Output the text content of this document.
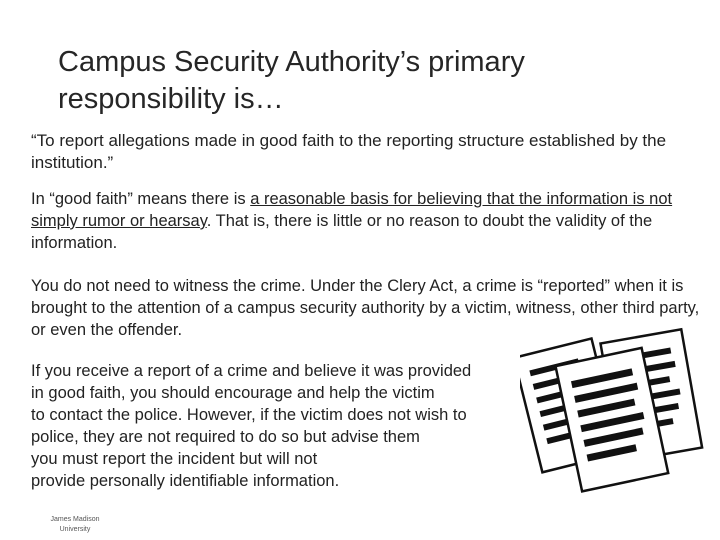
Campus Security Authority’s primary responsibility is…

“To report allegations made in good faith to the reporting structure established by the institution.”

In “good faith” means there is a reasonable basis for believing that the information is not simply rumor or hearsay. That is, there is little or no reason to doubt the validity of the information.

You do not need to witness the crime. Under the Clery Act, a crime is “reported” when it is brought to the attention of a campus security authority by a victim, witness, other third party, or even the offender.

If you receive a report of a crime and believe it was provided
in good faith, you should encourage and help the victim
to contact the police. However, if the victim does not wish to
police, they are not required to do so but advise them
you must report the incident but will not
provide personally identifiable information.

James Madison
University
